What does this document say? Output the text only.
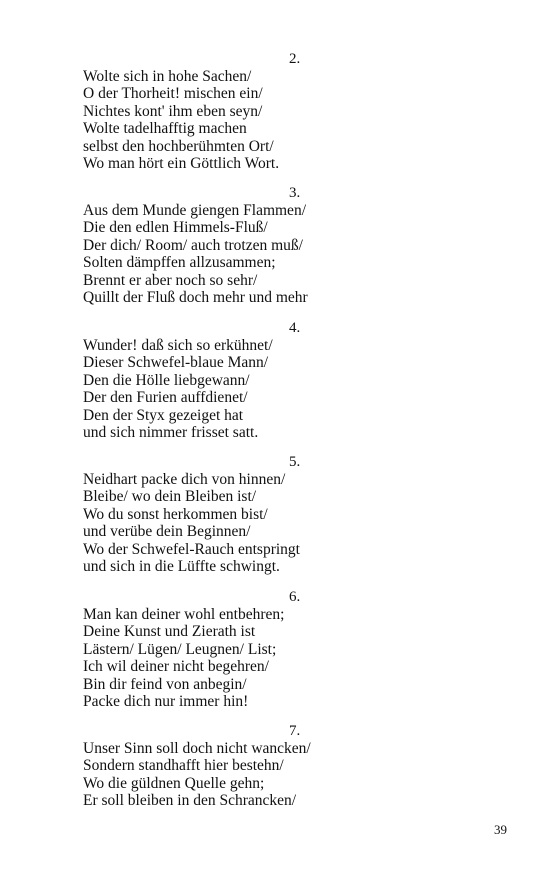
2.
Wolte sich in hohe Sachen/
O der Thorheit! mischen ein/
Nichtes kont' ihm eben seyn/
Wolte tadelhafftig machen
selbst den hochberühmten Ort/
Wo man hört ein Göttlich Wort.
3.
Aus dem Munde giengen Flammen/
Die den edlen Himmels-Fluß/
Der dich/ Room/ auch trotzen muß/
Solten dämpffen allzusammen;
Brennt er aber noch so sehr/
Quillt der Fluß doch mehr und mehr
4.
Wunder! daß sich so erkühnet/
Dieser Schwefel-blaue Mann/
Den die Hölle liebgewann/
Der den Furien auffdienet/
Den der Styx gezeiget hat
und sich nimmer frisset satt.
5.
Neidhart packe dich von hinnen/
Bleibe/ wo dein Bleiben ist/
Wo du sonst herkommen bist/
und verübe dein Beginnen/
Wo der Schwefel-Rauch entspringt
und sich in die Lüffte schwingt.
6.
Man kan deiner wohl entbehren;
Deine Kunst und Zierath ist
Lästern/ Lügen/ Leugnen/ List;
Ich wil deiner nicht begehren/
Bin dir feind von anbegin/
Packe dich nur immer hin!
7.
Unser Sinn soll doch nicht wancken/
Sondern standhafft hier bestehn/
Wo die güldnen Quelle gehn;
Er soll bleiben in den Schrancken/
39
